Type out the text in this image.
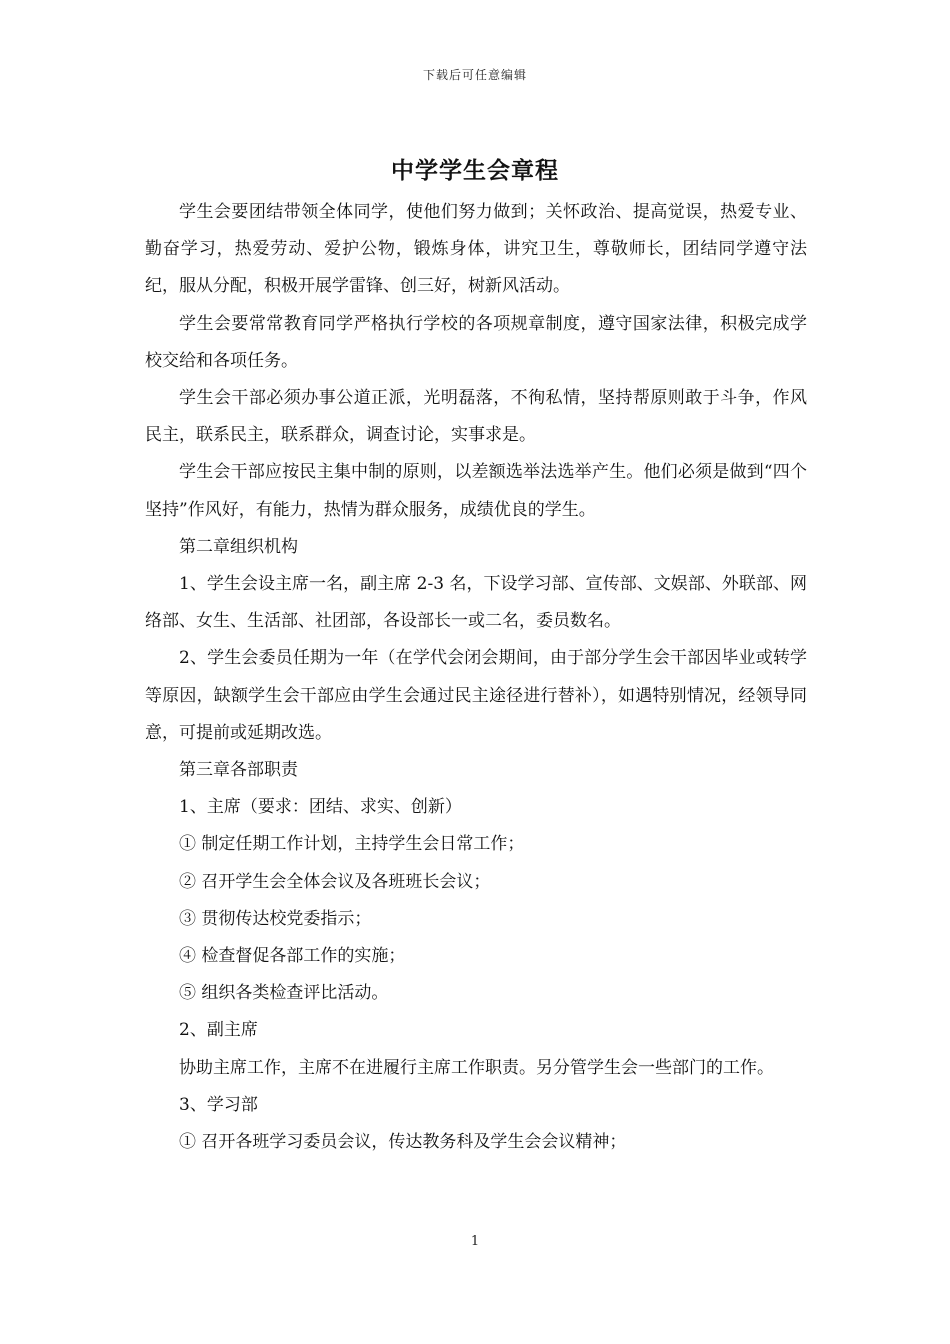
下载后可任意编辑
中学学生会章程

学生会要团结带领全体同学，使他们努力做到；关怀政治、提高觉误，热爱专业、勤奋学习，热爱劳动、爱护公物，锻炼身体，讲究卫生，尊敬师长，团结同学遵守法纪，服从分配，积极开展学雷锋、创三好，树新风活动。

学生会要常常教育同学严格执行学校的各项规章制度，遵守国家法律，积极完成学校交给和各项任务。

学生会干部必须办事公道正派，光明磊落，不徇私情，坚持帮原则敢于斗争，作风民主，联系民主，联系群众，调查讨论，实事求是。

学生会干部应按民主集中制的原则，以差额选举法选举产生。他们必须是做到“四个坚持”作风好，有能力，热情为群众服务，成绩优良的学生。

第二章组织机构

1、学生会设主席一名，副主席 2-3 名，下设学习部、宣传部、文娱部、外联部、网络部、女生、生活部、社团部，各设部长一或二名，委员数名。

2、学生会委员任期为一年（在学代会闭会期间，由于部分学生会干部因毕业或转学等原因，缺额学生会干部应由学生会通过民主途径进行替补），如遇特别情况，经领导同意，可提前或延期改选。

第三章各部职责

1、主席（要求：团结、求实、创新）

① 制定任期工作计划，主持学生会日常工作；

② 召开学生会全体会议及各班班长会议；

③ 贯彻传达校党委指示；

④ 检查督促各部工作的实施；

⑤ 组织各类检查评比活动。

2、副主席

协助主席工作，主席不在进履行主席工作职责。另分管学生会一些部门的工作。

3、学习部

① 召开各班学习委员会议，传达教务科及学生会会议精神；

1
